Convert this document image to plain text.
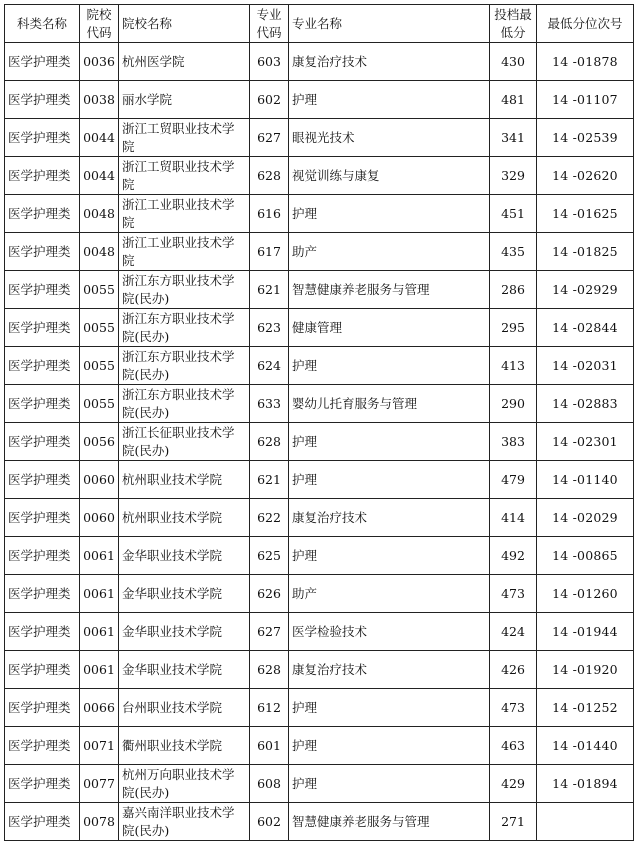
科类名称	院校代码	院校名称	专业代码	专业名称	投档最低分	最低分位次号
医学护理类	0036	杭州医学院	603	康复治疗技术	430	14 -01878
医学护理类	0038	丽水学院	602	护理	481	14 -01107
医学护理类	0044	浙江工贸职业技术学院	627	眼视光技术	341	14 -02539
医学护理类	0044	浙江工贸职业技术学院	628	视觉训练与康复	329	14 -02620
医学护理类	0048	浙江工业职业技术学院	616	护理	451	14 -01625
医学护理类	0048	浙江工业职业技术学院	617	助产	435	14 -01825
医学护理类	0055	浙江东方职业技术学院(民办)	621	智慧健康养老服务与管理	286	14 -02929
医学护理类	0055	浙江东方职业技术学院(民办)	623	健康管理	295	14 -02844
医学护理类	0055	浙江东方职业技术学院(民办)	624	护理	413	14 -02031
医学护理类	0055	浙江东方职业技术学院(民办)	633	婴幼儿托育服务与管理	290	14 -02883
医学护理类	0056	浙江长征职业技术学院(民办)	628	护理	383	14 -02301
医学护理类	0060	杭州职业技术学院	621	护理	479	14 -01140
医学护理类	0060	杭州职业技术学院	622	康复治疗技术	414	14 -02029
医学护理类	0061	金华职业技术学院	625	护理	492	14 -00865
医学护理类	0061	金华职业技术学院	626	助产	473	14 -01260
医学护理类	0061	金华职业技术学院	627	医学检验技术	424	14 -01944
医学护理类	0061	金华职业技术学院	628	康复治疗技术	426	14 -01920
医学护理类	0066	台州职业技术学院	612	护理	473	14 -01252
医学护理类	0071	衢州职业技术学院	601	护理	463	14 -01440
医学护理类	0077	杭州万向职业技术学院(民办)	608	护理	429	14 -01894
医学护理类	0078	嘉兴南洋职业技术学院(民办)	602	智慧健康养老服务与管理	271	
